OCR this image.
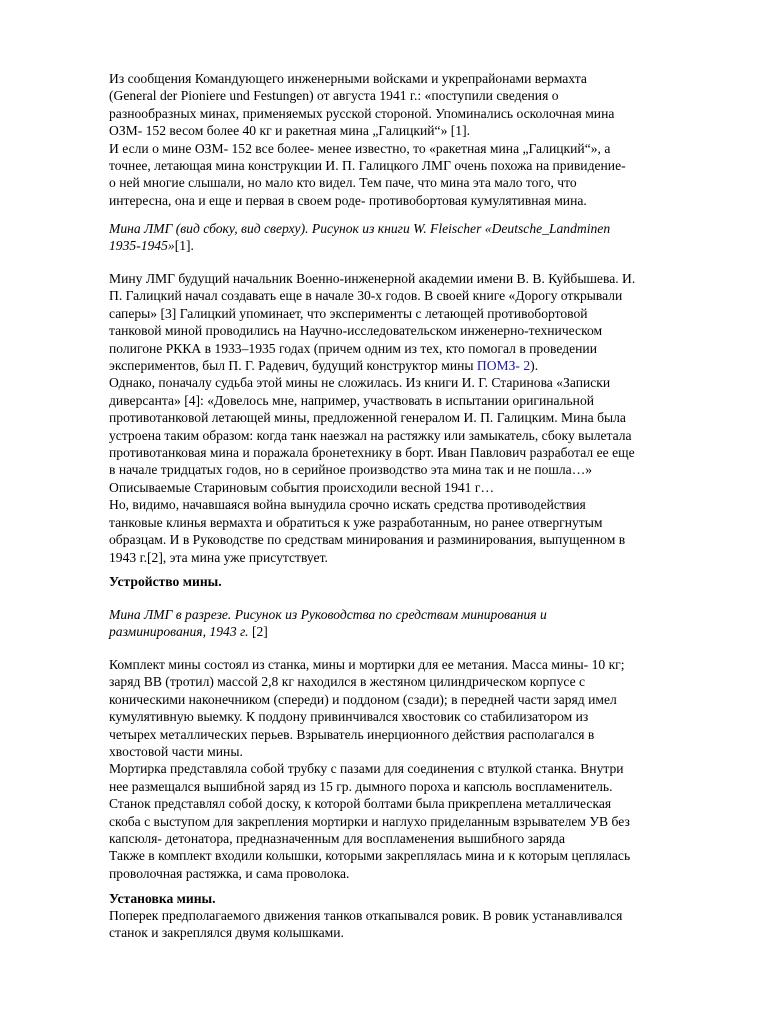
Из сообщения Командующего инженерными войсками и укрепрайонами вермахта
(General der Pioniere und Festungen) от августа 1941 г.: «поступили сведения о
разнообразных минах, применяемых русской стороной. Упоминались осколочная мина
ОЗМ- 152 весом более 40 кг и ракетная мина „Галицкий“» [1].
И если о мине ОЗМ- 152 все более- менее известно, то «ракетная мина „Галицкий“», а
точнее, летающая мина конструкции И. П. Галицкого ЛМГ очень похожа на привидение-
о ней многие слышали, но мало кто видел. Тем паче, что мина эта мало того, что
интересна, она и еще и первая в своем роде- противобортовая кумулятивная мина.
Мина ЛМГ (вид сбоку, вид сверху). Рисунок из книги W. Fleischer «Deutsche_Landminen
1935-1945»[1].
Мину ЛМГ будущий начальник Военно-инженерной академии имени В. В. Куйбышева. И.
П. Галицкий начал создавать еще в начале 30-х годов. В своей книге «Дорогу открывали
саперы» [3] Галицкий упоминает, что эксперименты с летающей противобортовой
танковой миной проводились на Научно-исследовательском инженерно-техническом
полигоне РККА в 1933–1935 годах (причем одним из тех, кто помогал в проведении
экспериментов, был П. Г. Радевич, будущий конструктор мины ПОМЗ- 2).
Однако, поначалу судьба этой мины не сложилась. Из книги И. Г. Старинова «Записки
диверсанта» [4]: «Довелось мне, например, участвовать в испытании оригинальной
противотанковой летающей мины, предложенной генералом И. П. Галицким. Мина была
устроена таким образом: когда танк наезжал на растяжку или замыкатель, сбоку вылетала
противотанковая мина и поражала бронетехнику в борт. Иван Павлович разработал ее еще
в начале тридцатых годов, но в серийное производство эта мина так и не пошла…»
Описываемые Стариновым события происходили весной 1941 г…
Но, видимо, начавшаяся война вынудила срочно искать средства противодействия
танковые клинья вермахта и обратиться к уже разработанным, но ранее отвергнутым
образцам. И в Руководстве по средствам минирования и разминирования, выпущенном в
1943 г.[2], эта мина уже присутствует.
Устройство мины.
Мина ЛМГ в разрезе. Рисунок из Руководства по средствам минирования и
разминирования, 1943 г. [2]
Комплект мины состоял из станка, мины и мортирки для ее метания. Масса мины- 10 кг;
заряд ВВ (тротил) массой 2,8 кг находился в жестяном цилиндрическом корпусе с
коническими наконечником (спереди) и поддоном (сзади); в передней части заряд имел
кумулятивную выемку. К поддону привинчивался хвостовик со стабилизатором из
четырех металлических перьев. Взрыватель инерционного действия располагался в
хвостовой части мины.
Мортирка представляла собой трубку с пазами для соединения с втулкой станка. Внутри
нее размещался вышибной заряд из 15 гр. дымного пороха и капсюль воспламенитель.
Станок представлял собой доску, к которой болтами была прикреплена металлическая
скоба с выступом для закрепления мортирки и наглухо приделанным взрывателем УВ без
капсюля- детонатора, предназначенным для воспламенения вышибного заряда
Также в комплект входили колышки, которыми закреплялась мина и к которым цеплялась
проволочная растяжка, и сама проволока.
Установка мины.
Поперек предполагаемого движения танков откапывался ровик. В ровик устанавливался
станок и закреплялся двумя колышками.
